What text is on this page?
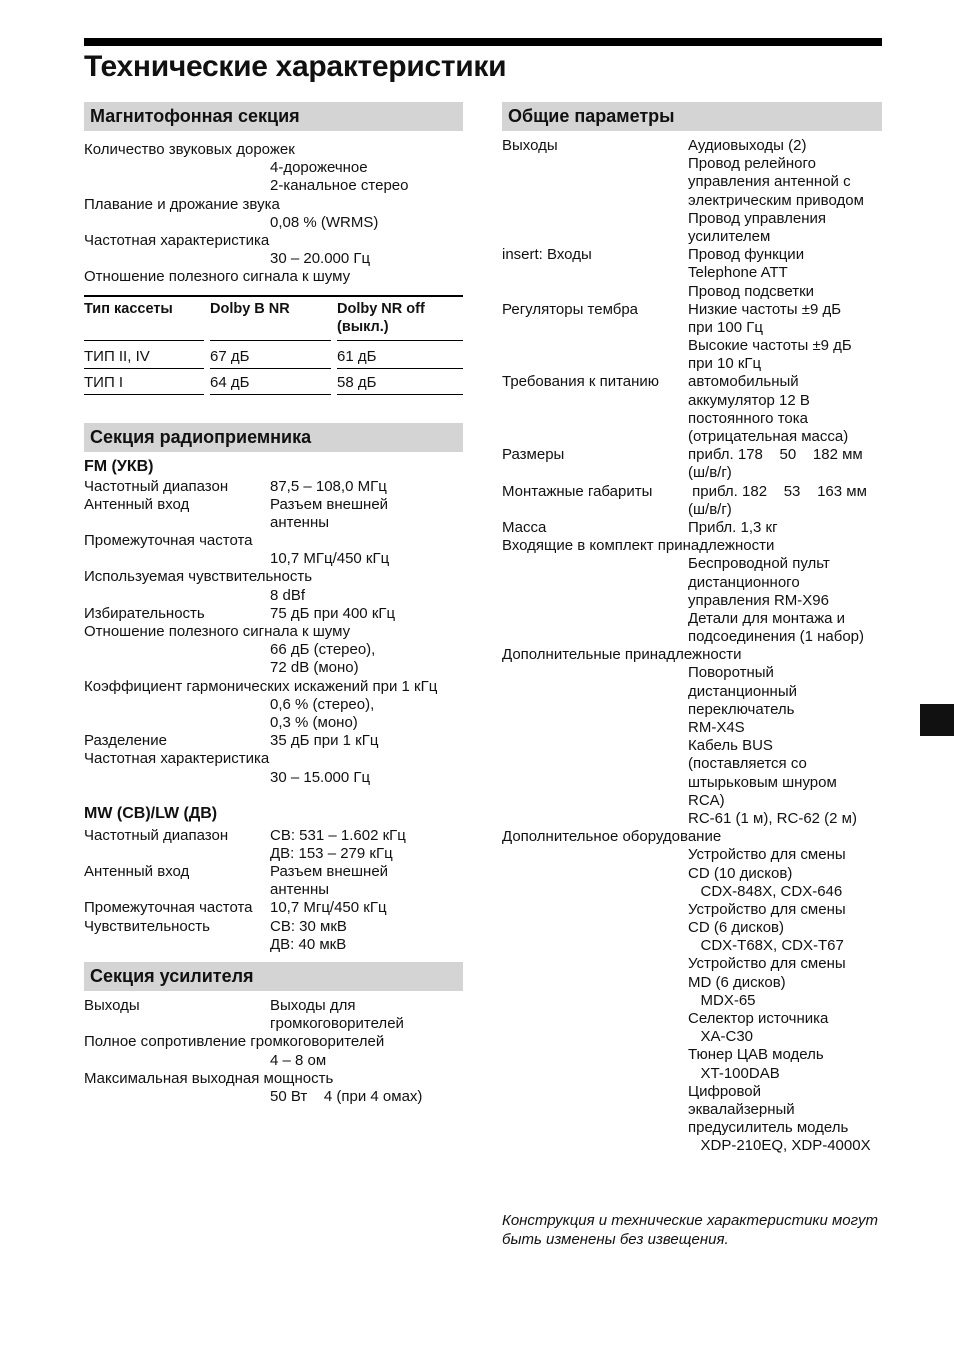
Технические характеристики
Магнитофонная секция
Количество звуковых дорожек
4-дорожечное
2-канальное стерео
Плавание и дрожание звука
0,08 % (WRMS)
Частотная характеристика
30 – 20.000 Гц
Отношение полезного сигнала к шуму
Тип кассеты	Dolby B NR	Dolby NR off (выкл.)

ТИП II, IV	67 дБ	61 дБ

ТИП I	64 дБ	58 дБ
Секция радиоприемника
FM (УКВ)
Частотный диапазон	87,5 – 108,0 МГц
Антенный вход	Разъем внешней
антенны
Промежуточная частота
10,7 МГц/450 кГц
Используемая чувствительность
8 dBf
Избирательность	75 дБ при 400 кГц
Отношение полезного сигнала к шуму
66 дБ (стерео),
72 dB (моно)
Коэффициент гармонических искажений при 1 кГц
0,6 % (стерео),
0,3 % (моно)
Разделение	35 дБ при 1 кГц
Частотная характеристика
30 – 15.000 Гц
MW (СВ)/LW (ДВ)
Частотный диапазон	СВ: 531 – 1.602 кГц
ДВ: 153 – 279 кГц
Антенный вход	Разъем внешней
антенны
Промежуточная частота 10,7 Мгц/450 кГц
Чувствительность	СВ: 30 мкВ
ДВ: 40 мкВ
Секция усилителя
Выходы	Выходы для
громкоговорителей
Полное сопротивление громкоговорителей
4 – 8 ом
Максимальная выходная мощность
50 Вт    4 (при 4 омах)
Общие параметры
Выходы	Аудиовыходы (2)
Провод релейного
управления антенной с
электрическим приводом
Провод управления
усилителем
insert: Входы	Провод функции
Telephone ATT
Провод подсветки
Регуляторы тембра	Низкие частоты ±9 дБ
при 100 Гц
Высокие частоты ±9 дБ
при 10 кГц
Требования к питанию автомобильный
аккумулятор 12 В
постоянного тока
(отрицательная масса)
Размеры	прибл. 178    50    182 мм
(ш/в/г)
Монтажные габариты прибл. 182    53    163 мм
(ш/в/г)
Масса	Прибл. 1,3 кг
Входящие в комплект принадлежности
Беспроводной пульт
дистанционного
управления RM-X96
Детали для монтажа и
подсоединения (1 набор)
Дополнительные принадлежности
Поворотный
дистанционный
переключатель
RM-X4S
Кабель BUS
(поставляется со
штырьковым шнуром
RCA)
RC-61 (1 м), RC-62 (2 м)
Дополнительное оборудование
Устройство для смены
CD (10 дисков)
CDX-848X, CDX-646
Устройство для смены
CD (6 дисков)
CDX-T68X, CDX-T67
Устройство для смены
MD (6 дисков)
MDX-65
Селектор источника
XA-C30
Тюнер ЦАВ модель
XT-100DAB
Цифровой
эквалайзерный
предусилитель модель
XDP-210EQ, XDP-4000X
Конструкция и технические характеристики могут быть изменены без извещения.
